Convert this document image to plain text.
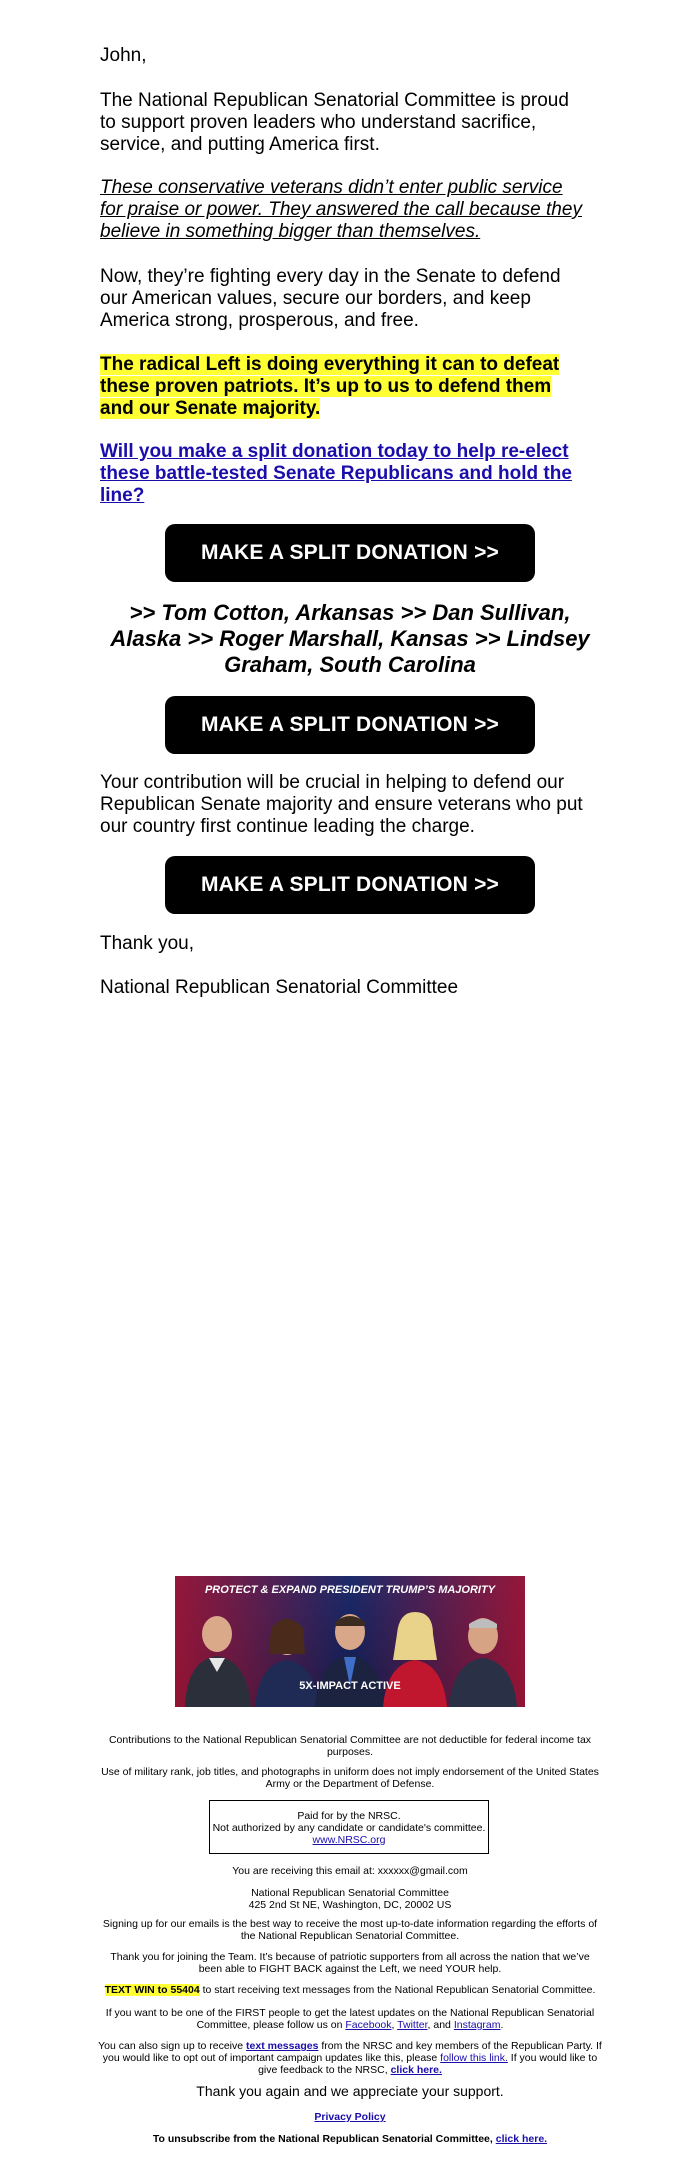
John,

The National Republican Senatorial Committee is proud to support proven leaders who understand sacrifice, service, and putting America first.

These conservative veterans didn’t enter public service for praise or power. They answered the call because they believe in something bigger than themselves.

Now, they’re fighting every day in the Senate to defend our American values, secure our borders, and keep America strong, prosperous, and free.

The radical Left is doing everything it can to defeat these proven patriots. It’s up to us to defend them and our Senate majority.

Will you make a split donation today to help re-elect these battle-tested Senate Republicans and hold the line?

MAKE A SPLIT DONATION >>

>> Tom Cotton, Arkansas >> Dan Sullivan, Alaska >> Roger Marshall, Kansas >> Lindsey Graham, South Carolina

MAKE A SPLIT DONATION >>

Your contribution will be crucial in helping to defend our Republican Senate majority and ensure veterans who put our country first continue leading the charge.

MAKE A SPLIT DONATION >>

Thank you,

National Republican Senatorial Committee

PROTECT & EXPAND PRESIDENT TRUMP’S MAJORITY
5X-IMPACT ACTIVE

Contributions to the National Republican Senatorial Committee are not deductible for federal income tax purposes.

Use of military rank, job titles, and photographs in uniform does not imply endorsement of the United States Army or the Department of Defense.

Paid for by the NRSC.
Not authorized by any candidate or candidate's committee.
www.NRSC.org

You are receiving this email at: xxxxxx@gmail.com

National Republican Senatorial Committee
425 2nd St NE, Washington, DC, 20002 US

Signing up for our emails is the best way to receive the most up-to-date information regarding the efforts of the National Republican Senatorial Committee.

Thank you for joining the Team. It’s because of patriotic supporters from all across the nation that we’ve been able to FIGHT BACK against the Left, we need YOUR help.

TEXT WIN to 55404 to start receiving text messages from the National Republican Senatorial Committee.

If you want to be one of the FIRST people to get the latest updates on the National Republican Senatorial Committee, please follow us on Facebook, Twitter, and Instagram.

You can also sign up to receive text messages from the NRSC and key members of the Republican Party. If you would like to opt out of important campaign updates like this, please follow this link. If you would like to give feedback to the NRSC, click here.

Thank you again and we appreciate your support.

Privacy Policy

To unsubscribe from the National Republican Senatorial Committee, click here.
